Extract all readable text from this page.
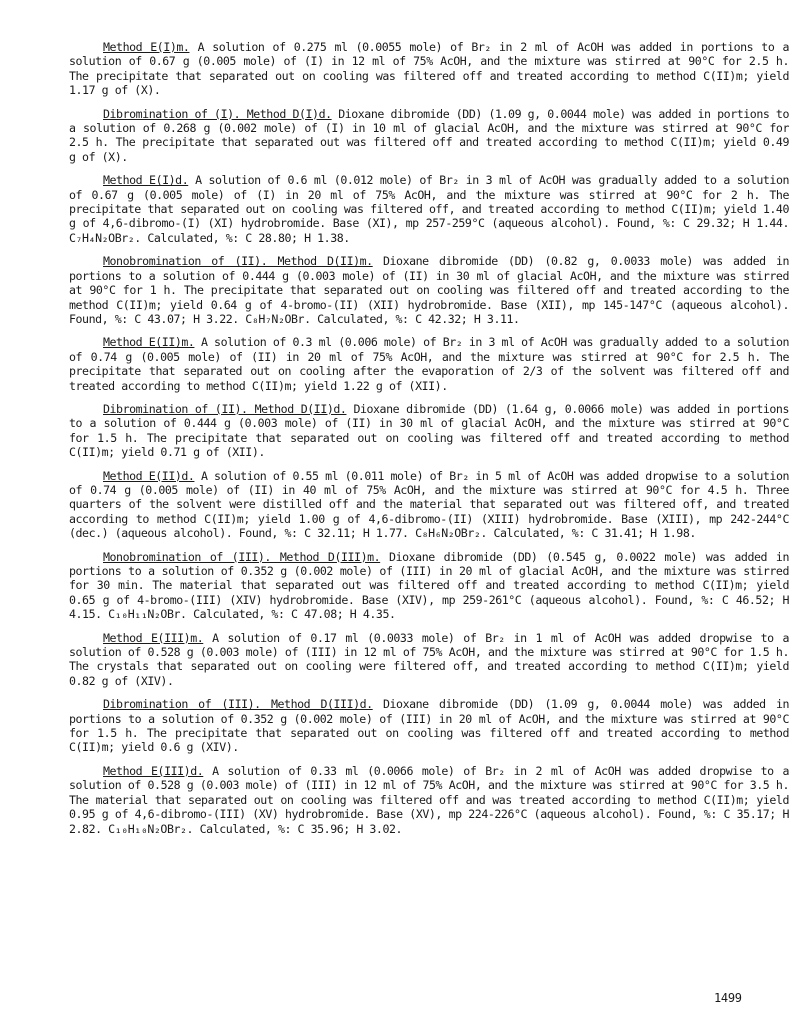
Method E(I)m. A solution of 0.275 ml (0.0055 mole) of Br₂ in 2 ml of AcOH was added in portions to a solution of 0.67 g (0.005 mole) of (I) in 12 ml of 75% AcOH, and the mixture was stirred at 90°C for 2.5 h. The precipitate that separated out on cooling was filtered off and treated according to method C(II)m; yield 1.17 g of (X).

Dibromination of (I). Method D(I)d. Dioxane dibromide (DD) (1.09 g, 0.0044 mole) was added in portions to a solution of 0.268 g (0.002 mole) of (I) in 10 ml of glacial AcOH, and the mixture was stirred at 90°C for 2.5 h. The precipitate that separated out was filtered off and treated according to method C(II)m; yield 0.49 g of (X).

Method E(I)d. A solution of 0.6 ml (0.012 mole) of Br₂ in 3 ml of AcOH was gradually added to a solution of 0.67 g (0.005 mole) of (I) in 20 ml of 75% AcOH, and the mixture was stirred at 90°C for 2 h. The precipitate that separated out on cooling was filtered off, and treated according to method C(II)m; yield 1.40 g of 4,6-dibromo-(I) (XI) hydrobromide. Base (XI), mp 257-259°C (aqueous alcohol). Found, %: C 29.32; H 1.44. C₇H₄N₂OBr₂. Calculated, %: C 28.80; H 1.38.

Monobromination of (II). Method D(II)m. Dioxane dibromide (DD) (0.82 g, 0.0033 mole) was added in portions to a solution of 0.444 g (0.003 mole) of (II) in 30 ml of glacial AcOH, and the mixture was stirred at 90°C for 1 h. The precipitate that separated out on cooling was filtered off and treated according to the method C(II)m; yield 0.64 g of 4-bromo-(II) (XII) hydrobromide. Base (XII), mp 145-147°C (aqueous alcohol). Found, %: C 43.07; H 3.22. C₈H₇N₂OBr. Calculated, %: C 42.32; H 3.11.

Method E(II)m. A solution of 0.3 ml (0.006 mole) of Br₂ in 3 ml of AcOH was gradually added to a solution of 0.74 g (0.005 mole) of (II) in 20 ml of 75% AcOH, and the mixture was stirred at 90°C for 2.5 h. The precipitate that separated out on cooling after the evaporation of 2/3 of the solvent was filtered off and treated according to method C(II)m; yield 1.22 g of (XII).

Dibromination of (II). Method D(II)d. Dioxane dibromide (DD) (1.64 g, 0.0066 mole) was added in portions to a solution of 0.444 g (0.003 mole) of (II) in 30 ml of glacial AcOH, and the mixture was stirred at 90°C for 1.5 h. The precipitate that separated out on cooling was filtered off and treated according to method C(II)m; yield 0.71 g of (XII).

Method E(II)d. A solution of 0.55 ml (0.011 mole) of Br₂ in 5 ml of AcOH was added dropwise to a solution of 0.74 g (0.005 mole) of (II) in 40 ml of 75% AcOH, and the mixture was stirred at 90°C for 4.5 h. Three quarters of the solvent were distilled off and the material that separated out was filtered off, and treated according to method C(II)m; yield 1.00 g of 4,6-dibromo-(II) (XIII) hydrobromide. Base (XIII), mp 242-244°C (dec.) (aqueous alcohol). Found, %: C 32.11; H 1.77. C₈H₆N₂OBr₂. Calculated, %: C 31.41; H 1.98.

Monobromination of (III). Method D(III)m. Dioxane dibromide (DD) (0.545 g, 0.0022 mole) was added in portions to a solution of 0.352 g (0.002 mole) of (III) in 20 ml of glacial AcOH, and the mixture was stirred for 30 min. The material that separated out was filtered off and treated according to method C(II)m; yield 0.65 g of 4-bromo-(III) (XIV) hydrobromide. Base (XIV), mp 259-261°C (aqueous alcohol). Found, %: C 46.52; H 4.15. C₁₀H₁₁N₂OBr. Calculated, %: C 47.08; H 4.35.

Method E(III)m. A solution of 0.17 ml (0.0033 mole) of Br₂ in 1 ml of AcOH was added dropwise to a solution of 0.528 g (0.003 mole) of (III) in 12 ml of 75% AcOH, and the mixture was stirred at 90°C for 1.5 h. The crystals that separated out on cooling were filtered off, and treated according to method C(II)m; yield 0.82 g of (XIV).

Dibromination of (III). Method D(III)d. Dioxane dibromide (DD) (1.09 g, 0.0044 mole) was added in portions to a solution of 0.352 g (0.002 mole) of (III) in 20 ml of AcOH, and the mixture was stirred at 90°C for 1.5 h. The precipitate that separated out on cooling was filtered off and treated according to method C(II)m; yield 0.6 g (XIV).

Method E(III)d. A solution of 0.33 ml (0.0066 mole) of Br₂ in 2 ml of AcOH was added dropwise to a solution of 0.528 g (0.003 mole) of (III) in 12 ml of 75% AcOH, and the mixture was stirred at 90°C for 3.5 h. The material that separated out on cooling was filtered off and was treated according to method C(II)m; yield 0.95 g of 4,6-dibromo-(III) (XV) hydrobromide. Base (XV), mp 224-226°C (aqueous alcohol). Found, %: C 35.17; H 2.82. C₁₀H₁₀N₂OBr₂. Calculated, %: C 35.96; H 3.02.

1499
